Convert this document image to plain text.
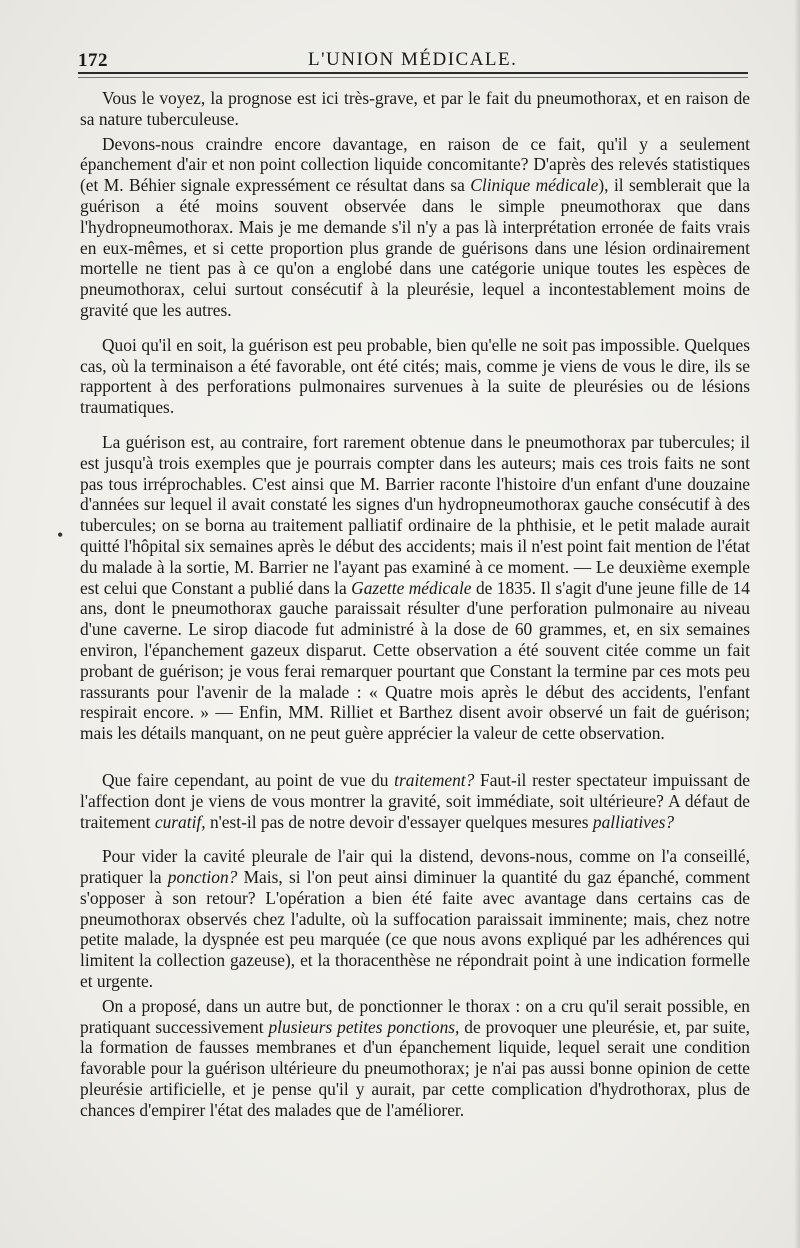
172	L'UNION MÉDICALE.
•

Vous le voyez, la prognose est ici très-grave, et par le fait du pneumothorax, et en raison de sa nature tuberculeuse.

Devons-nous craindre encore davantage, en raison de ce fait, qu'il y a seulement épanchement d'air et non point collection liquide concomitante? D'après des relevés statistiques (et M. Béhier signale expressément ce résultat dans sa Clinique médicale), il semblerait que la guérison a été moins souvent observée dans le simple pneumothorax que dans l'hydropneumothorax. Mais je me demande s'il n'y a pas là interprétation erronée de faits vrais en eux-mêmes, et si cette proportion plus grande de guérisons dans une lésion ordinairement mortelle ne tient pas à ce qu'on a englobé dans une catégorie unique toutes les espèces de pneumothorax, celui surtout consécutif à la pleurésie, lequel a incontestablement moins de gravité que les autres.

Quoi qu'il en soit, la guérison est peu probable, bien qu'elle ne soit pas impossible. Quelques cas, où la terminaison a été favorable, ont été cités; mais, comme je viens de vous le dire, ils se rapportent à des perforations pulmonaires survenues à la suite de pleurésies ou de lésions traumatiques.

La guérison est, au contraire, fort rarement obtenue dans le pneumothorax par tubercules; il est jusqu'à trois exemples que je pourrais compter dans les auteurs; mais ces trois faits ne sont pas tous irréprochables. C'est ainsi que M. Barrier raconte l'histoire d'un enfant d'une douzaine d'années sur lequel il avait constaté les signes d'un hydropneumothorax gauche consécutif à des tubercules; on se borna au traitement palliatif ordinaire de la phthisie, et le petit malade aurait quitté l'hôpital six semaines après le début des accidents; mais il n'est point fait mention de l'état du malade à la sortie, M. Barrier ne l'ayant pas examiné à ce moment. — Le deuxième exemple est celui que Constant a publié dans la Gazette médicale de 1835. Il s'agit d'une jeune fille de 14 ans, dont le pneumothorax gauche paraissait résulter d'une perforation pulmonaire au niveau d'une caverne. Le sirop diacode fut administré à la dose de 60 grammes, et, en six semaines environ, l'épanchement gazeux disparut. Cette observation a été souvent citée comme un fait probant de guérison; je vous ferai remarquer pourtant que Constant la termine par ces mots peu rassurants pour l'avenir de la malade : « Quatre mois après le début des accidents, l'enfant respirait encore. » — Enfin, MM. Rilliet et Barthez disent avoir observé un fait de guérison; mais les détails manquant, on ne peut guère apprécier la valeur de cette observation.

Que faire cependant, au point de vue du traitement? Faut-il rester spectateur impuissant de l'affection dont je viens de vous montrer la gravité, soit immédiate, soit ultérieure? A défaut de traitement curatif, n'est-il pas de notre devoir d'essayer quelques mesures palliatives?

Pour vider la cavité pleurale de l'air qui la distend, devons-nous, comme on l'a conseillé, pratiquer la ponction? Mais, si l'on peut ainsi diminuer la quantité du gaz épanché, comment s'opposer à son retour? L'opération a bien été faite avec avantage dans certains cas de pneumothorax observés chez l'adulte, où la suffocation paraissait imminente; mais, chez notre petite malade, la dyspnée est peu marquée (ce que nous avons expliqué par les adhérences qui limitent la collection gazeuse), et la thoracenthèse ne répondrait point à une indication formelle et urgente.

On a proposé, dans un autre but, de ponctionner le thorax : on a cru qu'il serait possible, en pratiquant successivement plusieurs petites ponctions, de provoquer une pleurésie, et, par suite, la formation de fausses membranes et d'un épanchement liquide, lequel serait une condition favorable pour la guérison ultérieure du pneumothorax; je n'ai pas aussi bonne opinion de cette pleurésie artificielle, et je pense qu'il y aurait, par cette complication d'hydrothorax, plus de chances d'empirer l'état des malades que de l'améliorer.
